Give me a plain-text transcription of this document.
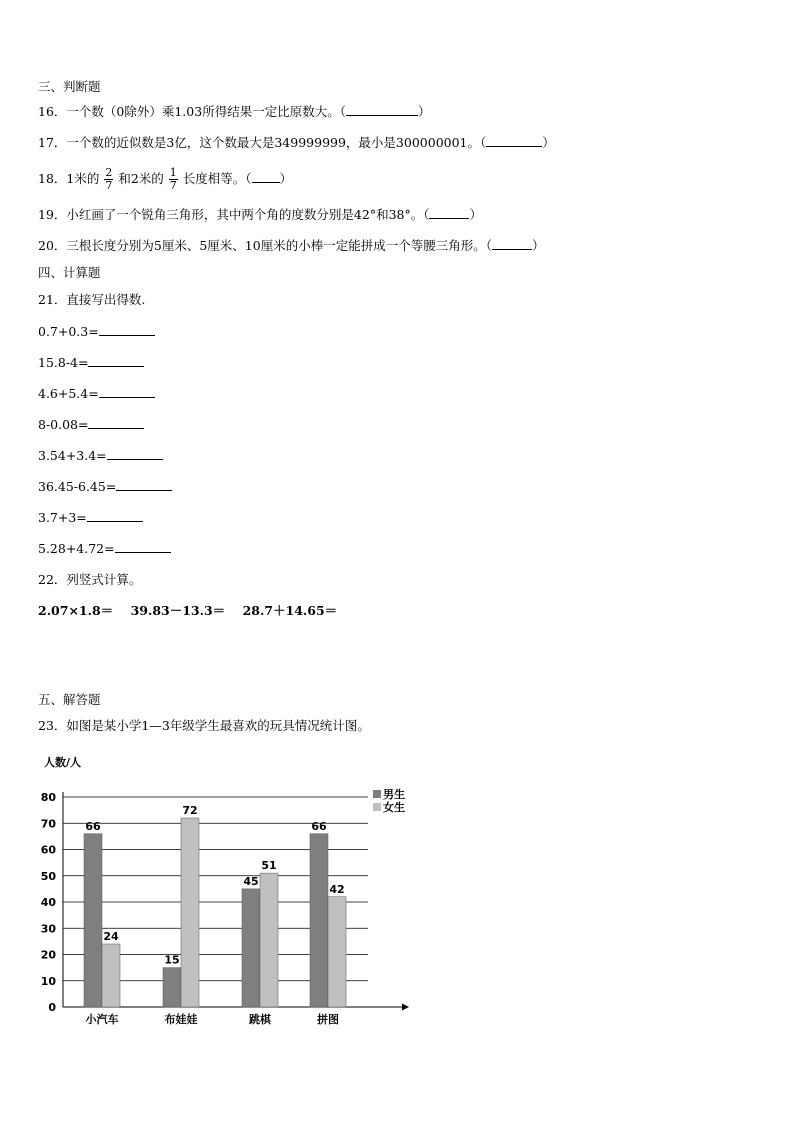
三、判断题
16．一个数（0除外）乘1.03所得结果一定比原数大。（	）
17．一个数的近似数是3亿，这个数最大是349999999，最小是300000001。（	）
18．1米的 $\frac{2}{7}$ 和2米的 $\frac{1}{7}$ 长度相等。（ ）
19．小红画了一个锐角三角形，其中两个角的度数分别是42°和38°。（	）
20．三根长度分别为5厘米、5厘米、10厘米的小棒一定能拼成一个等腰三角形。（	）
四、计算题
21．直接写出得数.
0.7+0.3=
15.8-4=
4.6+5.4=
8-0.08=
3.54+3.4=
36.45-6.45=
3.7+3=
5.28+4.72=
22．列竖式计算。
2.07×1.8＝    39.83－13.3＝    28.7＋14.65＝
五、解答题
23．如图是某小学1—3年级学生最喜欢的玩具情况统计图。
0
10
20
30
40
50
60
70
80
人数/人
66
24
小汽车
15
72
布娃娃
45
51
跳棋
66
42
拼图
男生
女生
